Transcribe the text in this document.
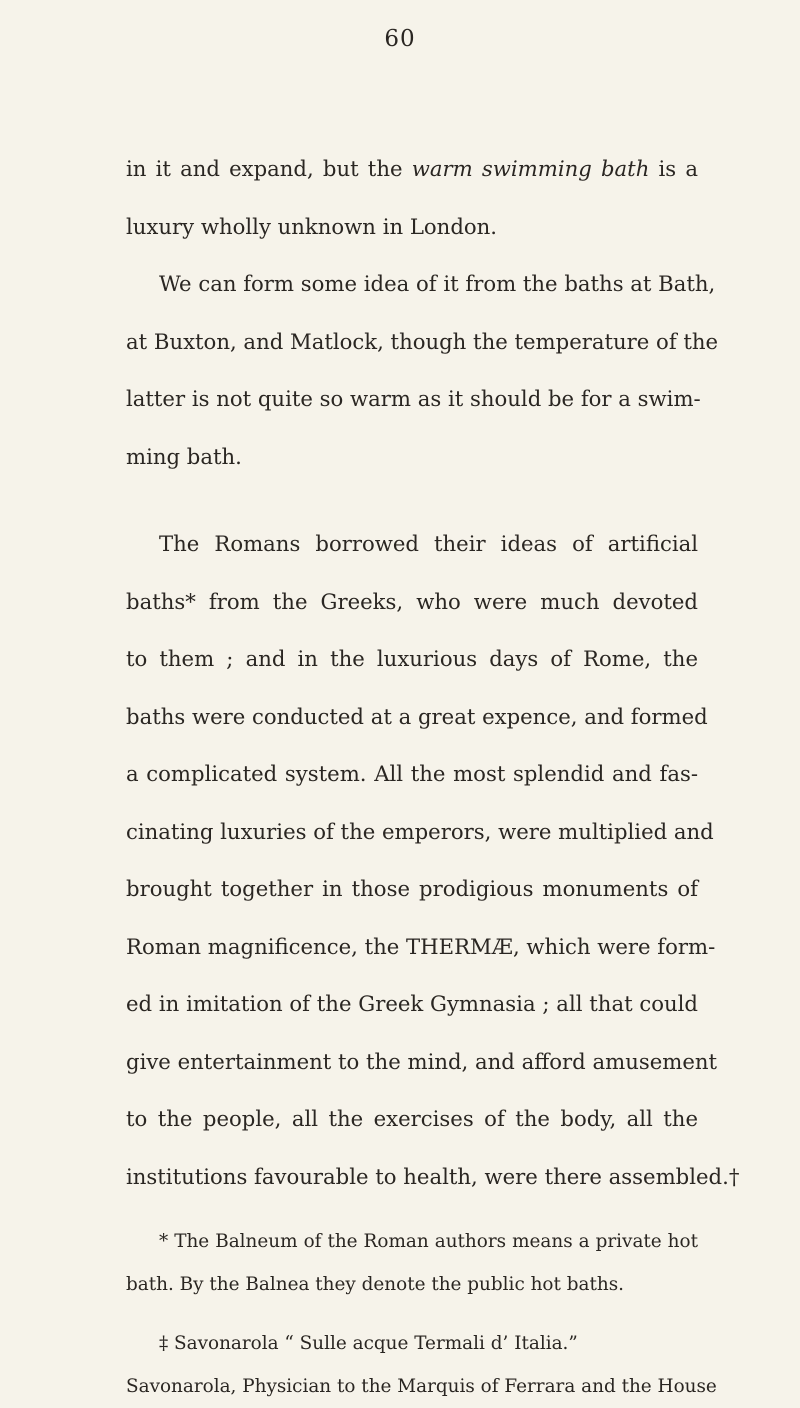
60
in it and expand, but the warm swimming bath is a
luxury wholly unknown in London.
We can form some idea of it from the baths at Bath,
at Buxton, and Matlock, though the temperature of the
latter is not quite so warm as it should be for a swim-
ming bath.
The Romans borrowed their ideas of artificial
baths* from the Greeks, who were much devoted
to them ; and in the luxurious days of Rome, the
baths were conducted at a great expence, and formed
a complicated system. All the most splendid and fas-
cinating luxuries of the emperors, were multiplied and
brought together in those prodigious monuments of
Roman magnificence, the THERMÆ, which were form-
ed in imitation of the Greek Gymnasia ; all that could
give entertainment to the mind, and afford amusement
to the people, all the exercises of the body, all the
institutions favourable to health, were there assembled.†
* The Balneum of the Roman authors means a private hot
bath. By the Balnea they denote the public hot baths.
‡ Savonarola “ Sulle acque Termali d’ Italia.”
Savonarola, Physician to the Marquis of Ferrara and the House
